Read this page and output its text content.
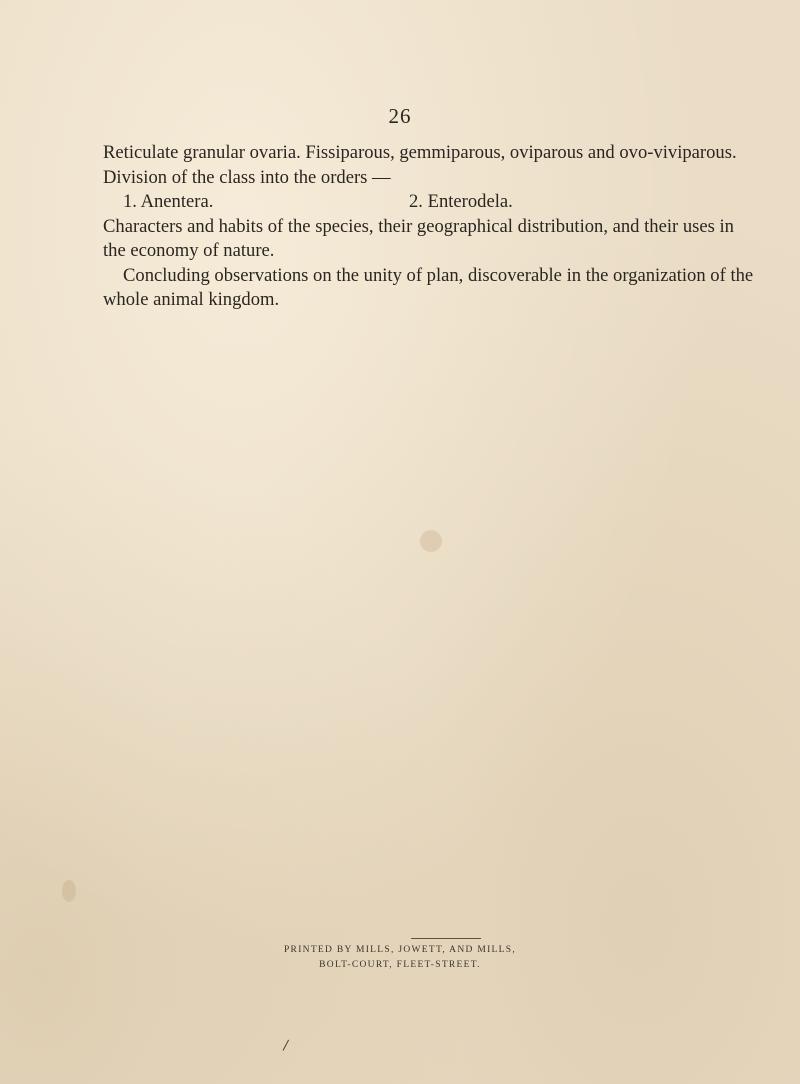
26
Reticulate granular ovaria. Fissiparous, gemmiparous, oviparous and ovo-viviparous.
Division of the class into the orders —
1. Anentera.	2. Enterodela.
Characters and habits of the species, their geographical distribution, and their uses in
the economy of nature.
Concluding observations on the unity of plan, discoverable in the organization of the
whole animal kingdom.
PRINTED BY MILLS, JOWETT, AND MILLS,
BOLT-COURT, FLEET-STREET.
